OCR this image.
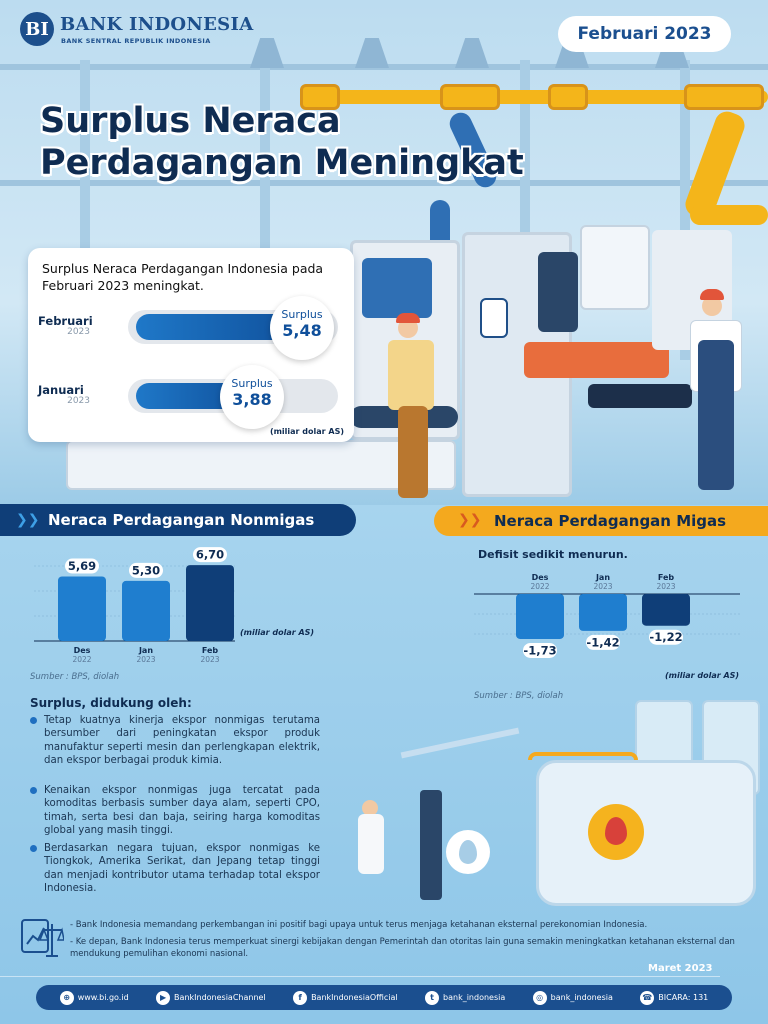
BI BANK INDONESIA
BANK SENTRAL REPUBLIK INDONESIA	Februari 2023
Surplus Neraca
Perdagangan Meningkat
Surplus Neraca Perdagangan Indonesia pada Februari 2023 meningkat.
Februari
2023
Surplus
5,48
Januari
2023
Surplus
3,88
(miliar dolar AS)
Neraca Perdagangan Nonmigas
❯❯	Neraca Perdagangan Migas
❯❯
5,69
Des
2022
5,30
Jan
2023
6,70
Feb
2023
(miliar dolar AS)
Sumber : BPS, diolah
Defisit sedikit menurun.
-1,73
Des
2022
-1,42
Jan
2023
-1,22
Feb
2023
(miliar dolar AS)
Sumber : BPS, diolah
Surplus, didukung oleh:
Tetap kuatnya kinerja ekspor nonmigas terutama bersumber dari peningkatan ekspor produk manufaktur seperti mesin dan perlengkapan elektrik, dan ekspor berbagai produk kimia.
Kenaikan ekspor nonmigas juga tercatat pada komoditas berbasis sumber daya alam, seperti CPO, timah, serta besi dan baja, seiring harga komoditas global yang masih tinggi.
Berdasarkan negara tujuan, ekspor nonmigas ke Tiongkok, Amerika Serikat, dan Jepang tetap tinggi dan menjadi kontributor utama terhadap total ekspor Indonesia.
- Bank Indonesia memandang perkembangan ini positif bagi upaya untuk terus menjaga ketahanan eksternal perekonomian Indonesia.
- Ke depan, Bank Indonesia terus memperkuat sinergi kebijakan dengan Pemerintah dan otoritas lain guna semakin meningkatkan ketahanan eksternal dan mendukung pemulihan ekonomi nasional.
Maret 2023
⊕ www.bi.go.id	▶ BankIndonesiaChannel	f	BankIndonesiaOfficial	t	bank_indonesia	◎ bank_indonesia	☎ BICARA: 131
